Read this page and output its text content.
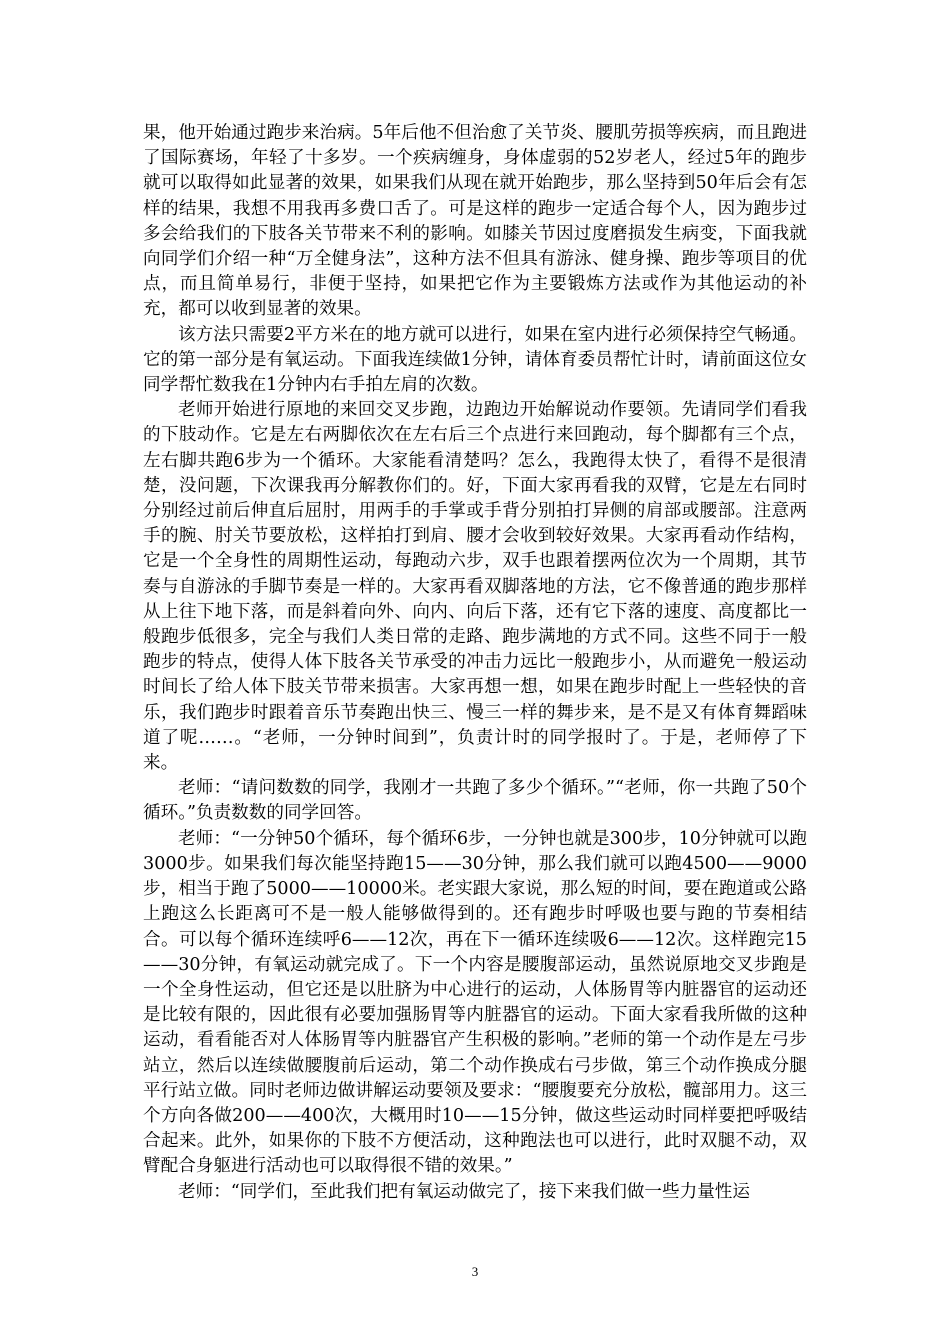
果，他开始通过跑步来治病。5年后他不但治愈了关节炎、腰肌劳损等疾病，而且跑进了国际赛场，年轻了十多岁。一个疾病缠身，身体虚弱的52岁老人，经过5年的跑步就可以取得如此显著的效果，如果我们从现在就开始跑步，那么坚持到50年后会有怎样的结果，我想不用我再多费口舌了。可是这样的跑步一定适合每个人，因为跑步过多会给我们的下肢各关节带来不利的影响。如膝关节因过度磨损发生病变，下面我就向同学们介绍一种“万全健身法”，这种方法不但具有游泳、健身操、跑步等项目的优点，而且简单易行，非便于坚持，如果把它作为主要锻炼方法或作为其他运动的补充，都可以收到显著的效果。

该方法只需要2平方米在的地方就可以进行，如果在室内进行必须保持空气畅通。它的第一部分是有氧运动。下面我连续做1分钟，请体育委员帮忙计时，请前面这位女同学帮忙数我在1分钟内右手拍左肩的次数。

老师开始进行原地的来回交叉步跑，边跑边开始解说动作要领。先请同学们看我的下肢动作。它是左右两脚依次在左右后三个点进行来回跑动，每个脚都有三个点，左右脚共跑6步为一个循环。大家能看清楚吗？怎么，我跑得太快了，看得不是很清楚，没问题，下次课我再分解教你们的。好，下面大家再看我的双臂，它是左右同时分别经过前后伸直后屈肘，用两手的手掌或手背分别拍打异侧的肩部或腰部。注意两手的腕、肘关节要放松，这样拍打到肩、腰才会收到较好效果。大家再看动作结构，它是一个全身性的周期性运动，每跑动六步，双手也跟着摆两位次为一个周期，其节奏与自游泳的手脚节奏是一样的。大家再看双脚落地的方法，它不像普通的跑步那样从上往下地下落，而是斜着向外、向内、向后下落，还有它下落的速度、高度都比一般跑步低很多，完全与我们人类日常的走路、跑步满地的方式不同。这些不同于一般跑步的特点，使得人体下肢各关节承受的冲击力远比一般跑步小，从而避免一般运动时间长了给人体下肢关节带来损害。大家再想一想，如果在跑步时配上一些轻快的音乐，我们跑步时跟着音乐节奏跑出快三、慢三一样的舞步来，是不是又有体育舞蹈味道了呢……。“老师，一分钟时间到”，负责计时的同学报时了。于是，老师停了下来。

老师：“请问数数的同学，我刚才一共跑了多少个循环。”“老师，你一共跑了50个循环。”负责数数的同学回答。

老师：“一分钟50个循环，每个循环6步，一分钟也就是300步，10分钟就可以跑3000步。如果我们每次能坚持跑15——30分钟，那么我们就可以跑4500——9000步，相当于跑了5000——10000米。老实跟大家说，那么短的时间，要在跑道或公路上跑这么长距离可不是一般人能够做得到的。还有跑步时呼吸也要与跑的节奏相结合。可以每个循环连续呼6——12次，再在下一循环连续吸6——12次。这样跑完15——30分钟，有氧运动就完成了。下一个内容是腰腹部运动，虽然说原地交叉步跑是一个全身性运动，但它还是以肚脐为中心进行的运动，人体肠胃等内脏器官的运动还是比较有限的，因此很有必要加强肠胃等内脏器官的运动。下面大家看我所做的这种运动，看看能否对人体肠胃等内脏器官产生积极的影响。”老师的第一个动作是左弓步站立，然后以连续做腰腹前后运动，第二个动作换成右弓步做，第三个动作换成分腿平行站立做。同时老师边做讲解运动要领及要求：“腰腹要充分放松，髋部用力。这三个方向各做200——400次，大概用时10——15分钟，做这些运动时同样要把呼吸结合起来。此外，如果你的下肢不方便活动，这种跑法也可以进行，此时双腿不动，双臂配合身躯进行活动也可以取得很不错的效果。”

老师：“同学们，至此我们把有氧运动做完了，接下来我们做一些力量性运

3
